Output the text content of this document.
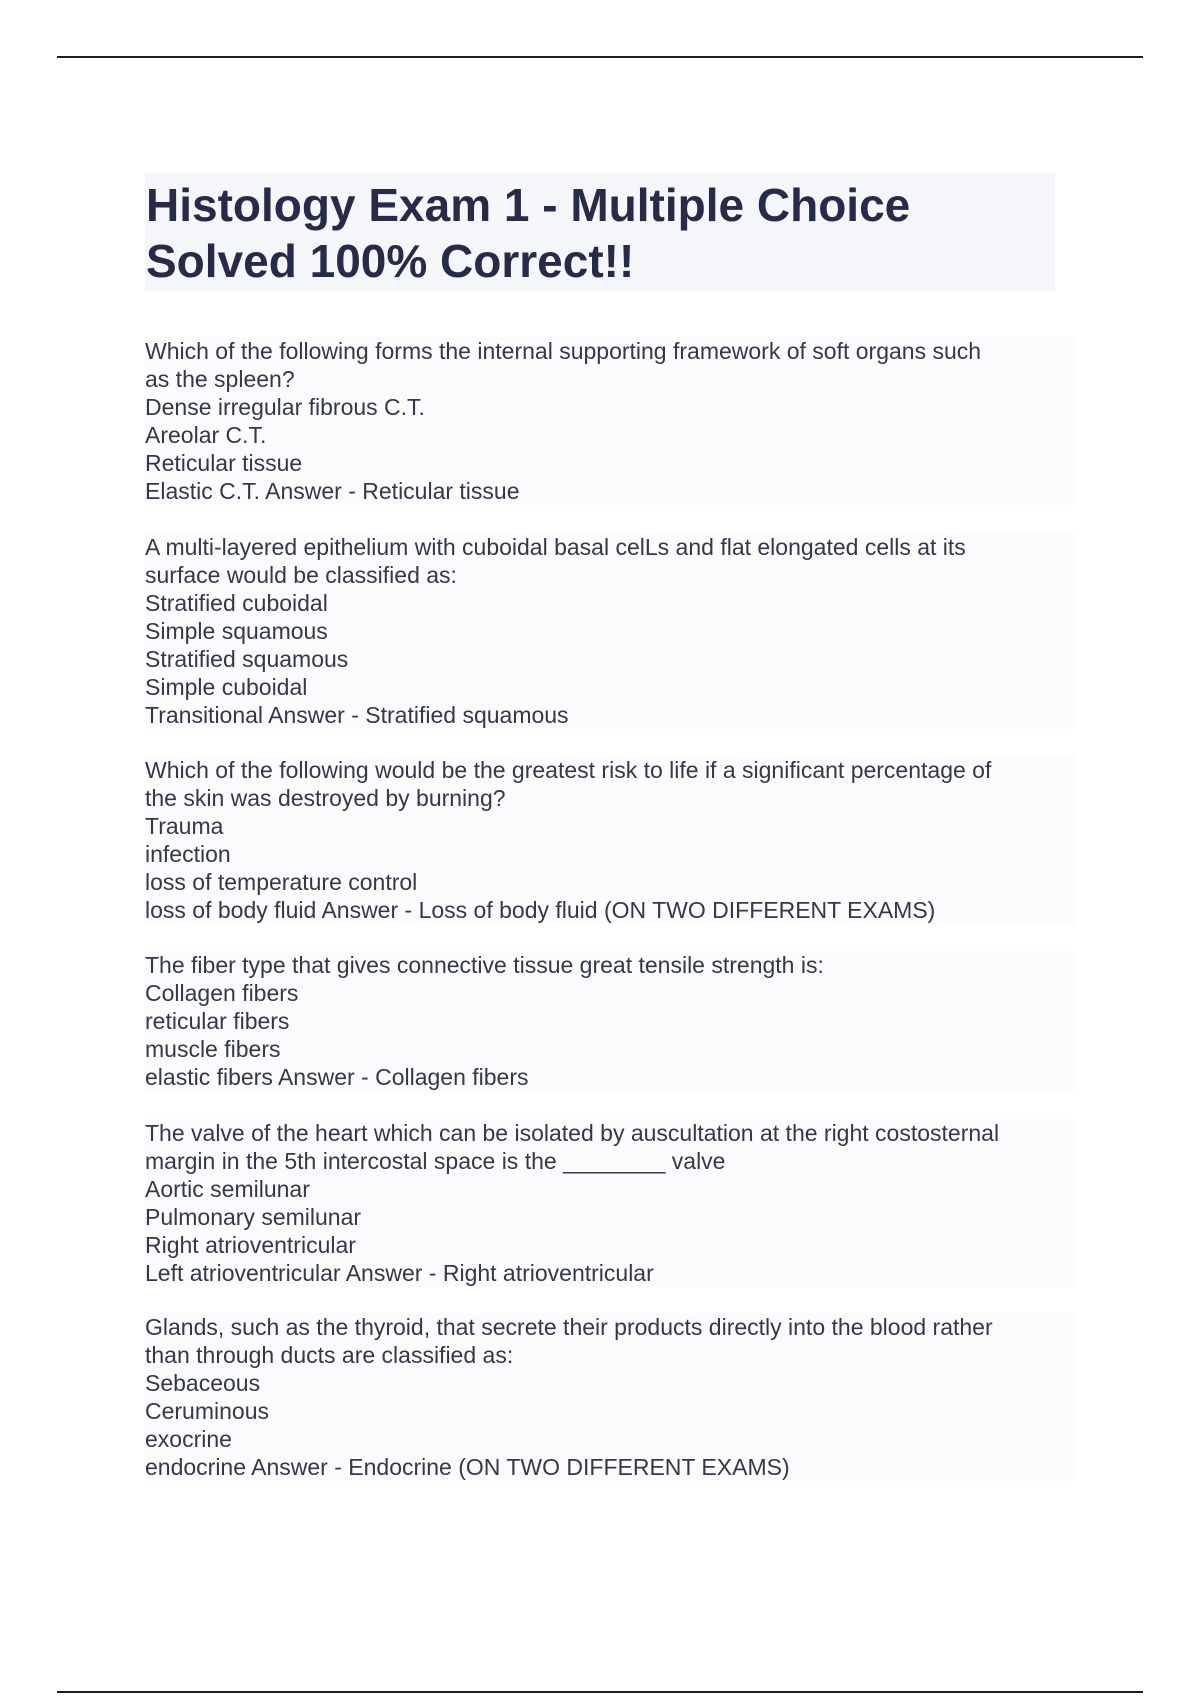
Histology Exam 1 - Multiple Choice
Solved 100% Correct!!
Which of the following forms the internal supporting framework of soft organs such
as the spleen?
Dense irregular fibrous C.T.
Areolar C.T.
Reticular tissue
Elastic C.T. Answer - Reticular tissue
A multi-layered epithelium with cuboidal basal celLs and flat elongated cells at its
surface would be classified as:
Stratified cuboidal
Simple squamous
Stratified squamous
Simple cuboidal
Transitional Answer - Stratified squamous
Which of the following would be the greatest risk to life if a significant percentage of
the skin was destroyed by burning?
Trauma
infection
loss of temperature control
loss of body fluid Answer - Loss of body fluid (ON TWO DIFFERENT EXAMS)
The fiber type that gives connective tissue great tensile strength is:
Collagen fibers
reticular fibers
muscle fibers
elastic fibers Answer - Collagen fibers
The valve of the heart which can be isolated by auscultation at the right costosternal
margin in the 5th intercostal space is the ________ valve
Aortic semilunar
Pulmonary semilunar
Right atrioventricular
Left atrioventricular Answer - Right atrioventricular
Glands, such as the thyroid, that secrete their products directly into the blood rather
than through ducts are classified as:
Sebaceous
Ceruminous
exocrine
endocrine Answer - Endocrine (ON TWO DIFFERENT EXAMS)
